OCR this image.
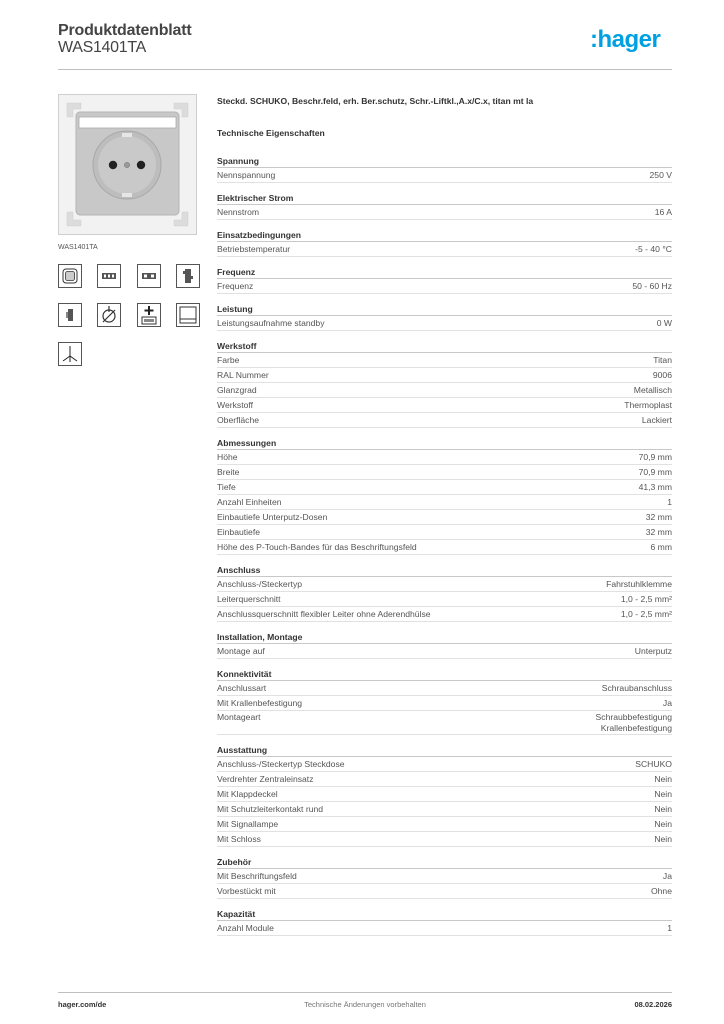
Produktdatenblatt
WAS1401TA	:hager
WAS1401TA
Steckd. SCHUKO, Beschr.feld, erh. Ber.schutz, Schr.-Liftkl.,A.x/C.x, titan mt la
Technische Eigenschaften
Spannung
Nennspannung	250 V
Elektrischer Strom
Nennstrom	16 A
Einsatzbedingungen
Betriebstemperatur	-5 - 40 °C
Frequenz
Frequenz	50 - 60 Hz
Leistung
Leistungsaufnahme standby	0 W
Werkstoff
Farbe	Titan
RAL Nummer	9006
Glanzgrad	Metallisch
Werkstoff	Thermoplast
Oberfläche	Lackiert
Abmessungen
Höhe	70,9 mm
Breite	70,9 mm
Tiefe	41,3 mm
Anzahl Einheiten	1
Einbautiefe Unterputz-Dosen	32 mm
Einbautiefe	32 mm
Höhe des P-Touch-Bandes für das Beschriftungsfeld	6 mm
Anschluss
Anschluss-/Steckertyp	Fahrstuhlklemme
Leiterquerschnitt	1,0 - 2,5 mm²
Anschlussquerschnitt flexibler Leiter ohne Aderendhülse	1,0 - 2,5 mm²
Installation, Montage
Montage auf	Unterputz
Konnektivität
Anschlussart	Schraubanschluss
Mit Krallenbefestigung	Ja
Montageart	Schraubbefestigung
Krallenbefestigung
Ausstattung
Anschluss-/Steckertyp Steckdose	SCHUKO
Verdrehter Zentraleinsatz	Nein
Mit Klappdeckel	Nein
Mit Schutzleiterkontakt rund	Nein
Mit Signallampe	Nein
Mit Schloss	Nein
Zubehör
Mit Beschriftungsfeld	Ja
Vorbestückt mit	Ohne
Kapazität
Anzahl Module	1
hager.com/de	Technische Änderungen vorbehalten	08.02.2026
